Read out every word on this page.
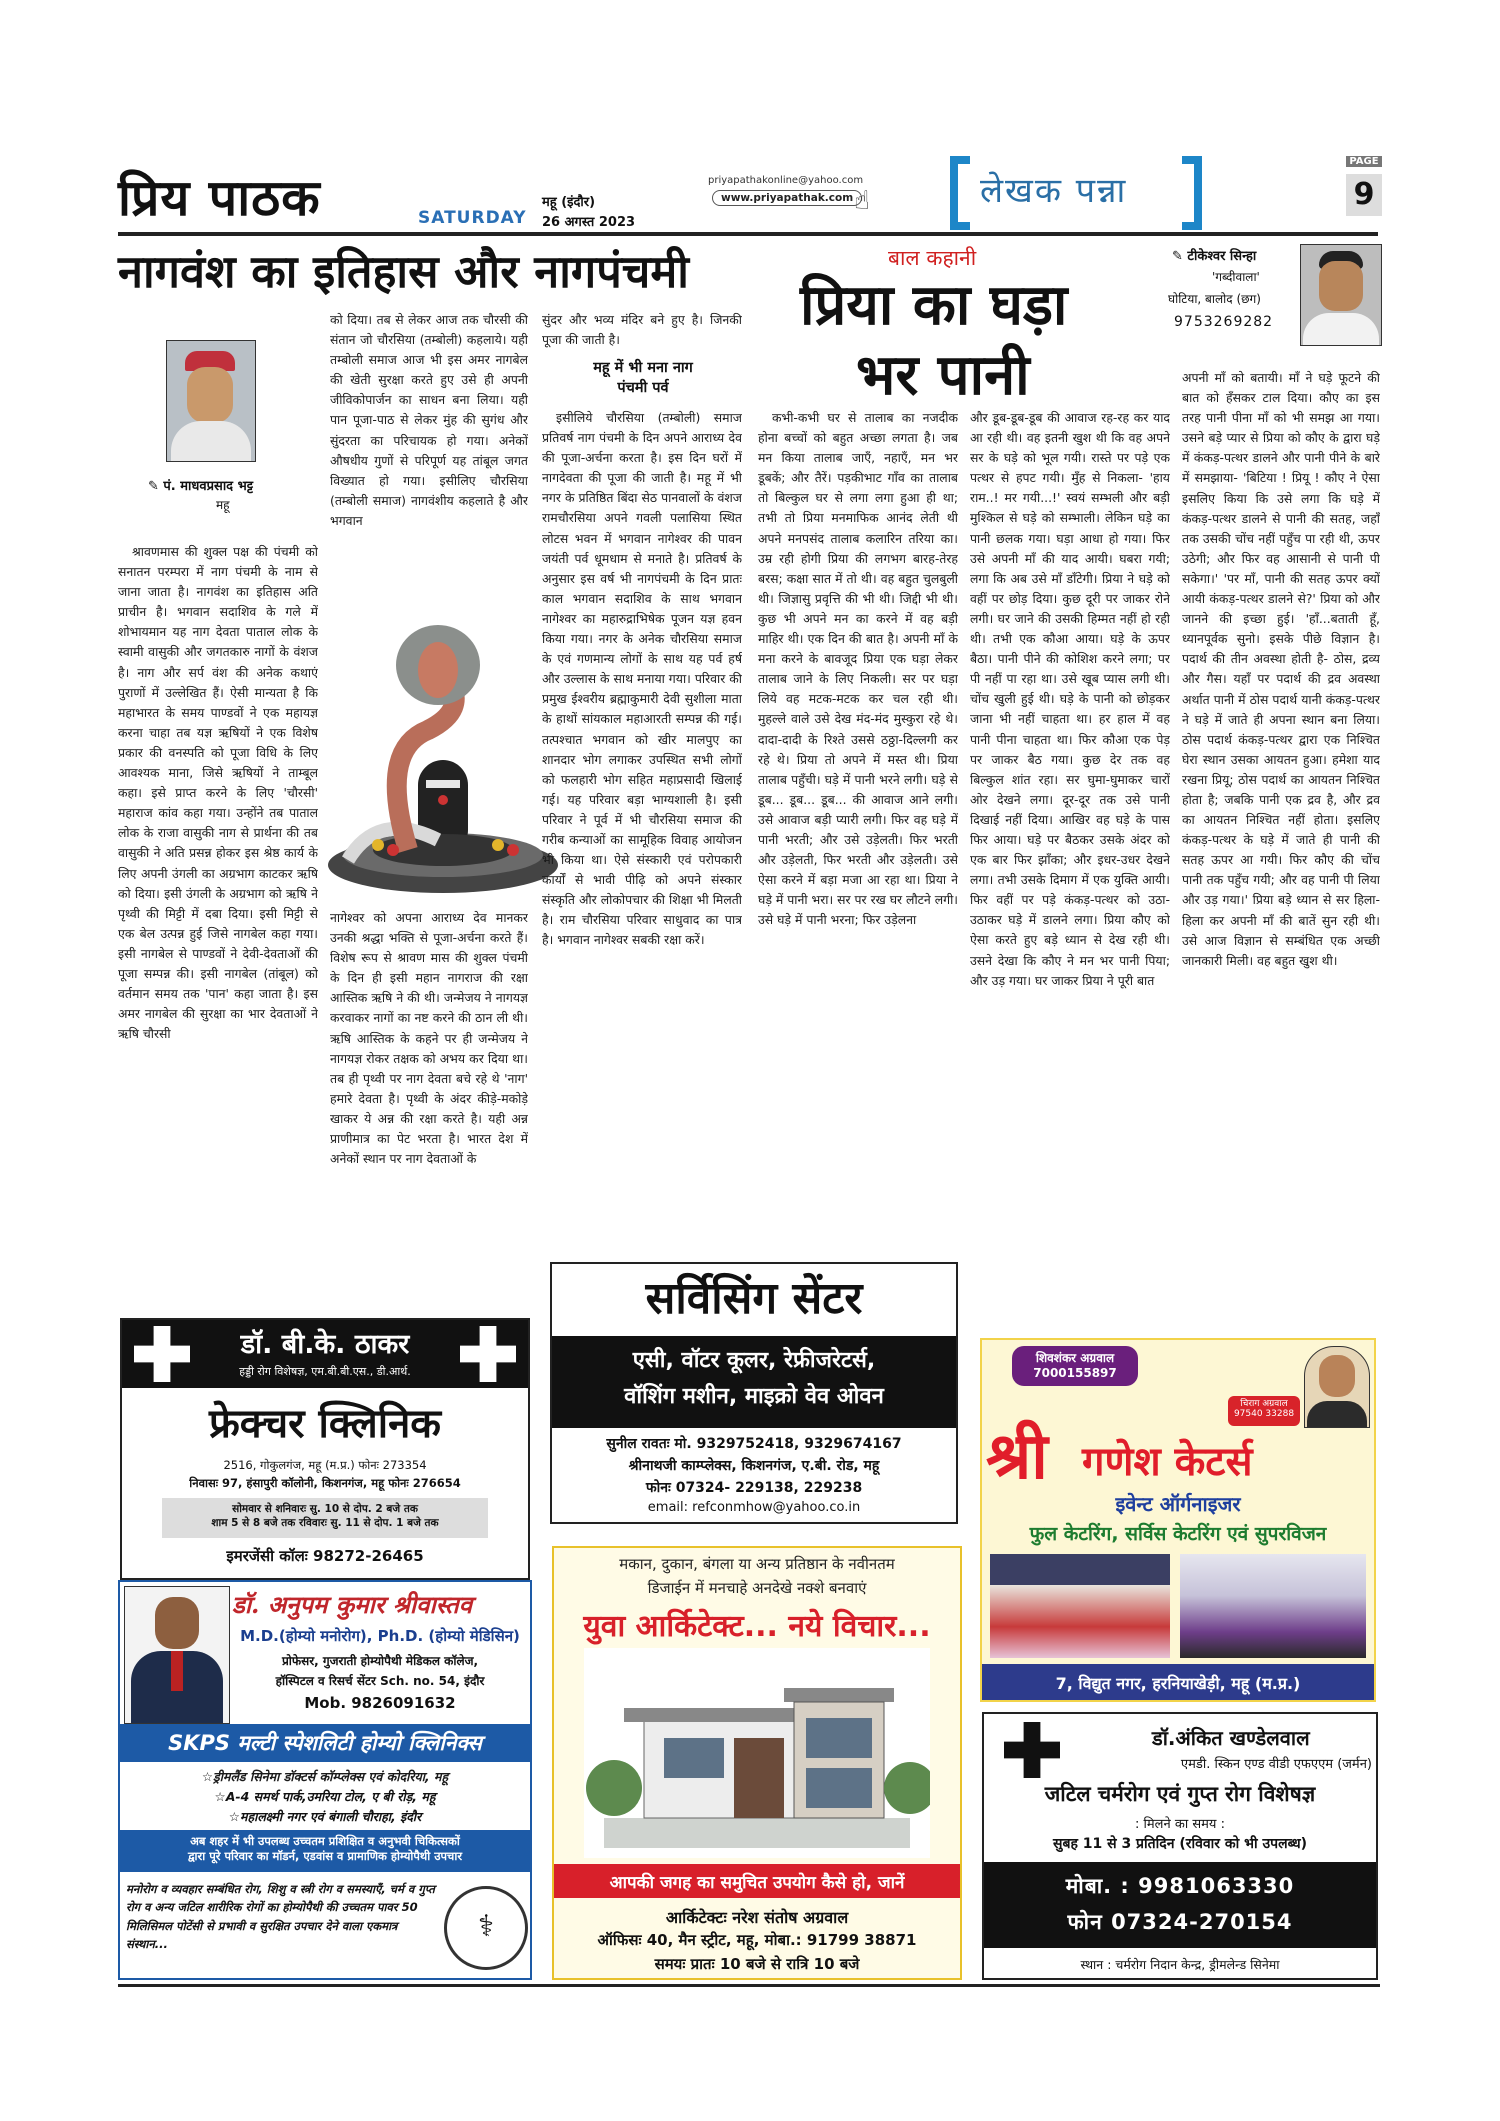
प्रिय पाठक	SATURDAY
महू (इंदौर)
26 अगस्त 2023
priyapathakonline@yahoo.com
www.priyapathak.com ☝	लेखक पन्ना
PAGE
9
नागवंश का इतिहास और नागपंचमी
✎ पं. माधवप्रसाद भट्ट
महू

श्रावणमास की शुक्ल पक्ष की पंचमी को सनातन परम्परा में नाग पंचमी के नाम से जाना जाता है। नागवंश का इतिहास अति प्राचीन है। भगवान सदाशिव के गले में शोभायमान यह नाग देवता पाताल लोक के स्वामी वासुकी और जगतकारु नागों के वंशज है। नाग और सर्प वंश की अनेक कथाएं पुराणों में उल्लेखित हैं। ऐसी मान्यता है कि महाभारत के समय पाण्डवों ने एक महायज्ञ करना चाहा तब यज्ञ ऋषियों ने एक विशेष प्रकार की वनस्पति को पूजा विधि के लिए आवश्यक माना, जिसे ऋषियों ने ताम्बूल कहा। इसे प्राप्त करने के लिए 'चौरसी' महाराज कांव कहा गया। उन्होंने तब पाताल लोक के राजा वासुकी नाग से प्रार्थना की तब वासुकी ने अति प्रसन्न होकर इस श्रेष्ठ कार्य के लिए अपनी उंगली का अग्रभाग काटकर ऋषि को दिया। इसी उंगली के अग्रभाग को ऋषि ने पृथ्वी की मिट्टी में दबा दिया। इसी मिट्टी से एक बेल उत्पन्न हुई जिसे नागबेल कहा गया। इसी नागबेल से पाण्डवों ने देवी-देवताओं की पूजा सम्पन्न की। इसी नागबेल (तांबूल) को वर्तमान समय तक 'पान' कहा जाता है। इस अमर नागबेल की सुरक्षा का भार देवताओं ने ऋषि चौरसी

को दिया। तब से लेकर आज तक चौरसी की संतान जो चौरसिया (तम्बोली) कहलाये। यही तम्बोली समाज आज भी इस अमर नागबेल की खेती सुरक्षा करते हुए उसे ही अपनी जीविकोपार्जन का साधन बना लिया। यही पान पूजा-पाठ से लेकर मुंह की सुगंध और सुंदरता का परिचायक हो गया। अनेकों औषधीय गुणों से परिपूर्ण यह तांबूल जगत विख्यात हो गया। इसीलिए चौरसिया (तम्बोली समाज) नागवंशीय कहलाते है और भगवान

नागेश्वर को अपना आराध्य देव मानकर उनकी श्रद्धा भक्ति से पूजा-अर्चना करते हैं। विशेष रूप से श्रावण मास की शुक्ल पंचमी के दिन ही इसी महान नागराज की रक्षा आस्तिक ऋषि ने की थी। जन्मेजय ने नागयज्ञ करवाकर नागों का नष्ट करने की ठान ली थी। ऋषि आस्तिक के कहने पर ही जन्मेजय ने नागयज्ञ रोकर तक्षक को अभय कर दिया था। तब ही पृथ्वी पर नाग देवता बचे रहे थे 'नाग' हमारे देवता है। पृथ्वी के अंदर कीड़े-मकोड़े खाकर ये अन्न की रक्षा करते है। यही अन्न प्राणीमात्र का पेट भरता है। भारत देश में अनेकों स्थान पर नाग देवताओं के

सुंदर और भव्य मंदिर बने हुए है। जिनकी पूजा की जाती है।

महू में भी मना नाग पंचमी पर्व

इसीलिये चौरसिया (तम्बोली) समाज प्रतिवर्ष नाग पंचमी के दिन अपने आराध्य देव की पूजा-अर्चना करता है। इस दिन घरों में नागदेवता की पूजा की जाती है। महू में भी नगर के प्रतिष्ठित बिंदा सेठ पानवालों के वंशज रामचौरसिया अपने गवली पलासिया स्थित लोटस भवन में भगवान नागेश्वर की पावन जयंती पर्व धूमधाम से मनाते है। प्रतिवर्ष के अनुसार इस वर्ष भी नागपंचमी के दिन प्रातः काल भगवान सदाशिव के साथ भगवान नागेश्वर का महारुद्राभिषेक पूजन यज्ञ हवन किया गया। नगर के अनेक चौरसिया समाज के एवं गणमान्य लोगों के साथ यह पर्व हर्ष और उल्लास के साथ मनाया गया। परिवार की प्रमुख ईश्वरीय ब्रह्माकुमारी देवी सुशीला माता के हाथों सांयकाल महाआरती सम्पन्न की गई। तत्पश्चात भगवान को खीर मालपुए का शानदार भोग लगाकर उपस्थित सभी लोगों को फलहारी भोग सहित महाप्रसादी खिलाई गई। यह परिवार बड़ा भाग्यशाली है। इसी परिवार ने पूर्व में भी चौरसिया समाज की गरीब कन्याओं का सामूहिक विवाह आयोजन भी किया था। ऐसे संस्कारी एवं परोपकारी कार्यों से भावी पीढ़ि को अपने संस्कार संस्कृति और लोकोपचार की शिक्षा भी मिलती है। राम चौरसिया परिवार साधुवाद का पात्र है। भगवान नागेश्वर सबकी रक्षा करें।

बाल कहानी
प्रिया का घड़ा
भर पानी
✎ टीकेश्वर सिन्हा
'गब्दीवाला'
घोटिया, बालोद (छग)
9753269282

कभी-कभी घर से तालाब का नजदीक होना बच्चों को बहुत अच्छा लगता है। जब मन किया तालाब जाएँ, नहाएँ, मन भर डूबकें; और तैरें। पड़कीभाट गाँव का तालाब तो बिल्कुल घर से लगा लगा हुआ ही था; तभी तो प्रिया मनमाफिक आनंद लेती थी अपने मनपसंद तालाब कलारिन तरिया का। उम्र रही होगी प्रिया की लगभग बारह-तेरह बरस; कक्षा सात में तो थी। वह बहुत चुलबुली थी। जिज्ञासु प्रवृत्ति की भी थी। जिद्दी भी थी। कुछ भी अपने मन का करने में वह बड़ी माहिर थी। एक दिन की बात है। अपनी माँ के मना करने के बावजूद प्रिया एक घड़ा लेकर तालाब जाने के लिए निकली। सर पर घड़ा लिये वह मटक-मटक कर चल रही थी। मुहल्ले वाले उसे देख मंद-मंद मुस्कुरा रहे थे। दादा-दादी के रिश्ते उससे ठठ्ठा-दिल्लगी कर रहे थे। प्रिया तो अपने में मस्त थी। प्रिया तालाब पहुँची। घड़े में पानी भरने लगी। घड़े से डूब... डूब... डूब... की आवाज आने लगी। उसे आवाज बड़ी प्यारी लगी। फिर वह घड़े में पानी भरती; और उसे उड़ेलती। फिर भरती और उड़ेलती, फिर भरती और उड़ेलती। उसे ऐसा करने में बड़ा मजा आ रहा था। प्रिया ने घड़े में पानी भरा। सर पर रख घर लौटने लगी। उसे घड़े में पानी भरना; फिर उड़ेलना

और डूब-डूब-डूब की आवाज रह-रह कर याद आ रही थी। वह इतनी खुश थी कि वह अपने सर के घड़े को भूल गयी। रास्ते पर पड़े एक पत्थर से हपट गयी। मुँह से निकला- 'हाय राम..! मर गयी...!' स्वयं सम्भली और बड़ी मुश्किल से घड़े को सम्भाली। लेकिन घड़े का पानी छलक गया। घड़ा आधा हो गया। फिर उसे अपनी माँ की याद आयी। घबरा गयी; लगा कि अब उसे माँ डाँटेगी। प्रिया ने घड़े को वहीं पर छोड़ दिया। कुछ दूरी पर जाकर रोने लगी। घर जाने की उसकी हिम्मत नहीं हो रही थी। तभी एक कौआ आया। घड़े के ऊपर बैठा। पानी पीने की कोशिश करने लगा; पर पी नहीं पा रहा था। उसे खूब प्यास लगी थी। चोंच खुली हुई थी। घड़े के पानी को छोड़कर जाना भी नहीं चाहता था। हर हाल में वह पानी पीना चाहता था। फिर कौआ एक पेड़ पर जाकर बैठ गया। कुछ देर तक वह बिल्कुल शांत रहा। सर घुमा-घुमाकर चारों ओर देखने लगा। दूर-दूर तक उसे पानी दिखाई नहीं दिया। आखिर वह घड़े के पास फिर आया। घड़े पर बैठकर उसके अंदर को एक बार फिर झाँका; और इधर-उधर देखने लगा। तभी उसके दिमाग में एक युक्ति आयी। फिर वहीं पर पड़े कंकड़-पत्थर को उठा-उठाकर घड़े में डालने लगा। प्रिया कौए को ऐसा करते हुए बड़े ध्यान से देख रही थी। उसने देखा कि कौए ने मन भर पानी पिया; और उड़ गया। घर जाकर प्रिया ने पूरी बात

अपनी माँ को बतायी। माँ ने घड़े फूटने की बात को हँसकर टाल दिया। कौए का इस तरह पानी पीना माँ को भी समझ आ गया। उसने बड़े प्यार से प्रिया को कौए के द्वारा घड़े में कंकड़-पत्थर डालने और पानी पीने के बारे में समझाया- 'बिटिया ! प्रियू ! कौए ने ऐसा इसलिए किया कि उसे लगा कि घड़े में कंकड़-पत्थर डालने से पानी की सतह, जहाँ तक उसकी चोंच नहीं पहुँच पा रही थी, ऊपर उठेगी; और फिर वह आसानी से पानी पी सकेगा।' 'पर माँ, पानी की सतह ऊपर क्यों आयी कंकड़-पत्थर डालने से?' प्रिया को और जानने की इच्छा हुई। 'हाँ...बताती हूँ, ध्यानपूर्वक सुनो। इसके पीछे विज्ञान है। पदार्थ की तीन अवस्था होती है- ठोस, द्रव्य और गैस। यहाँ पर पदार्थ की द्रव अवस्था अर्थात पानी में ठोस पदार्थ यानी कंकड़-पत्थर ने घड़े में जाते ही अपना स्थान बना लिया। ठोस पदार्थ कंकड़-पत्थर द्वारा एक निश्चित घेरा स्थान उसका आयतन हुआ। हमेशा याद रखना प्रियू; ठोस पदार्थ का आयतन निश्चित होता है; जबकि पानी एक द्रव है, और द्रव का आयतन निश्चित नहीं होता। इसलिए कंकड़-पत्थर के घड़े में जाते ही पानी की सतह ऊपर आ गयी। फिर कौए की चोंच पानी तक पहुँच गयी; और वह पानी पी लिया और उड़ गया।' प्रिया बड़े ध्यान से सर हिला-हिला कर अपनी माँ की बातें सुन रही थी। उसे आज विज्ञान से सम्बंधित एक अच्छी जानकारी मिली। वह बहुत खुश थी।

डॉ. बी.के. ठाकर
हड्डी रोग विशेषज्ञ, एम.बी.बी.एस., डी.आर्थ.
फ्रेक्चर क्लिनिक
2516, गोकुलगंज, महू (म.प्र.) फोनः 273354
निवासः 97, हंसापुरी कॉलोनी, किशनगंज, महू फोनः 276654
सोमवार से शनिवारः सु. 10 से दोप. 2 बजे तक
शाम 5 से 8 बजे तक रविवारः सु. 11 से दोप. 1 बजे तक
इमरजेंसी कॉलः 98272-26465
सर्विसिंग सेंटर
एसी, वॉटर कूलर, रेफ्रीजरेटर्स,
वॉशिंग मशीन, माइक्रो वेव ओवन
सुनील रावतः मो. 9329752418, 9329674167
श्रीनाथजी काम्प्लेक्स, किशनगंज, ए.बी. रोड, महू
फोनः 07324- 229138, 229238
email: refconmhow@yahoo.co.in
शिवशंकर अग्रवाल
7000155897
चिराग अग्रवाल
97540 33288
श्री गणेश केटर्स
इवेन्ट ऑर्गनाइजर
फुल केटरिंग, सर्विस केटरिंग एवं सुपरविजन
7, विद्युत नगर, हरनियाखेड़ी, महू (म.प्र.)
डॉ. अनुपम कुमार श्रीवास्तव
M.D.(होम्यो मनोरोग), Ph.D. (होम्यो मेडिसिन)
प्रोफेसर, गुजराती होम्योपैथी मेडिकल कॉलेज,
हॉस्पिटल व रिसर्च सेंटर Sch. no. 54, इंदौर
Mob. 9826091632
SKPS मल्टी स्पेशलिटी होम्यो क्लिनिक्स
☆ड्रीमलैंड सिनेमा डॉक्टर्स कॉम्प्लेक्स एवं कोदरिया, महू
☆A-4 समर्थ पार्क,उमरिया टोल, ए बी रोड़, महू
☆महालक्ष्मी नगर एवं बंगाली चौराहा, इंदौर
अब शहर में भी उपलब्ध उच्चतम प्रशिक्षित व अनुभवी चिकित्सकों
द्वारा पूरे परिवार का मॉडर्न, एडवांस व प्रामाणिक होम्योपैथी उपचार
मनोरोग व व्यवहार सम्बंधित रोग, शिशु व स्त्री रोग व समस्याएँ, चर्म व गुप्त रोग व अन्य जटिल शारीरिक रोगों का होम्योपैथी की उच्चतम पावर 50 मिलिसिमल पोटेंसी से प्रभावी व सुरक्षित उपचार देने वाला एकमात्र संस्थान...
⚕
मकान, दुकान, बंगला या अन्य प्रतिष्ठान के नवीनतम
डिजाईन में मनचाहे अनदेखे नक्शे बनवाएं
युवा आर्किटेक्ट... नये विचार...
आपकी जगह का समुचित उपयोग कैसे हो, जानें
आर्किटेक्टः नरेश संतोष अग्रवाल
ऑफिसः 40, मैन स्ट्रीट, महू, मोबा.: 91799 38871
समयः प्रातः 10 बजे से रात्रि 10 बजे
डॉ.अंकित खण्डेलवाल
एमडी. स्किन एण्ड वीडी एफएएम (जर्मन)
जटिल चर्मरोग एवं गुप्त रोग विशेषज्ञ
: मिलने का समय :
सुबह 11 से 3 प्रतिदिन (रविवार को भी उपलब्ध)
मोबा. : 9981063330
फोन 07324-270154
स्थान : चर्मरोग निदान केन्द्र, ड्रीमलेन्ड सिनेमा
